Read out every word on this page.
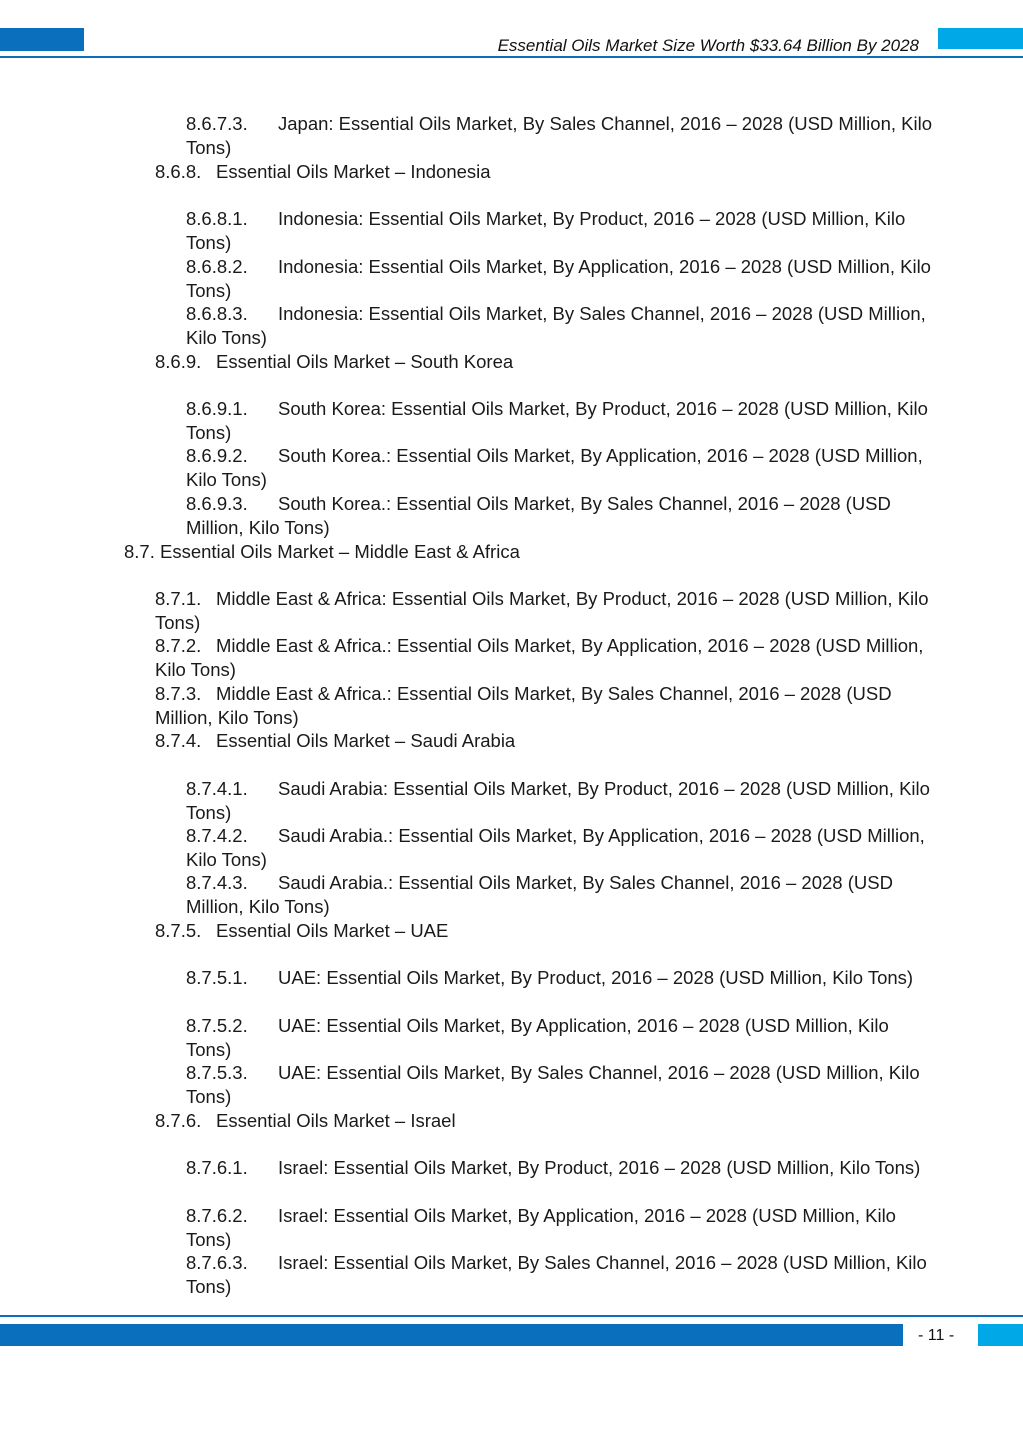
Essential Oils Market Size Worth $33.64 Billion By 2028
8.6.7.3.	Japan: Essential Oils Market, By Sales Channel, 2016 – 2028 (USD Million, Kilo Tons)
8.6.8. Essential Oils Market – Indonesia
8.6.8.1.	Indonesia: Essential Oils Market, By Product, 2016 – 2028 (USD Million, Kilo Tons)
8.6.8.2.	Indonesia: Essential Oils Market, By Application, 2016 – 2028 (USD Million, Kilo Tons)
8.6.8.3.	Indonesia: Essential Oils Market, By Sales Channel, 2016 – 2028 (USD Million, Kilo Tons)
8.6.9. Essential Oils Market – South Korea
8.6.9.1.	South Korea: Essential Oils Market, By Product, 2016 – 2028 (USD Million, Kilo Tons)
8.6.9.2.	South Korea.: Essential Oils Market, By Application, 2016 – 2028 (USD Million, Kilo Tons)
8.6.9.3.	South Korea.: Essential Oils Market, By Sales Channel, 2016 – 2028 (USD Million, Kilo Tons)
8.7. Essential Oils Market – Middle East & Africa
8.7.1. Middle East & Africa: Essential Oils Market, By Product, 2016 – 2028 (USD Million, Kilo Tons)
8.7.2. Middle East & Africa.: Essential Oils Market, By Application, 2016 – 2028 (USD Million, Kilo Tons)
8.7.3. Middle East & Africa.: Essential Oils Market, By Sales Channel, 2016 – 2028 (USD Million, Kilo Tons)
8.7.4. Essential Oils Market – Saudi Arabia
8.7.4.1.	Saudi Arabia: Essential Oils Market, By Product, 2016 – 2028 (USD Million, Kilo Tons)
8.7.4.2.	Saudi Arabia.: Essential Oils Market, By Application, 2016 – 2028 (USD Million, Kilo Tons)
8.7.4.3.	Saudi Arabia.: Essential Oils Market, By Sales Channel, 2016 – 2028 (USD Million, Kilo Tons)
8.7.5. Essential Oils Market – UAE
8.7.5.1.	UAE: Essential Oils Market, By Product, 2016 – 2028 (USD Million, Kilo Tons)
8.7.5.2.	UAE: Essential Oils Market, By Application, 2016 – 2028 (USD Million, Kilo Tons)
8.7.5.3.	UAE: Essential Oils Market, By Sales Channel, 2016 – 2028 (USD Million, Kilo Tons)
8.7.6. Essential Oils Market – Israel
8.7.6.1.	Israel: Essential Oils Market, By Product, 2016 – 2028 (USD Million, Kilo Tons)
8.7.6.2.	Israel: Essential Oils Market, By Application, 2016 – 2028 (USD Million, Kilo Tons)
8.7.6.3.	Israel: Essential Oils Market, By Sales Channel, 2016 – 2028 (USD Million, Kilo Tons)
- 11 -
